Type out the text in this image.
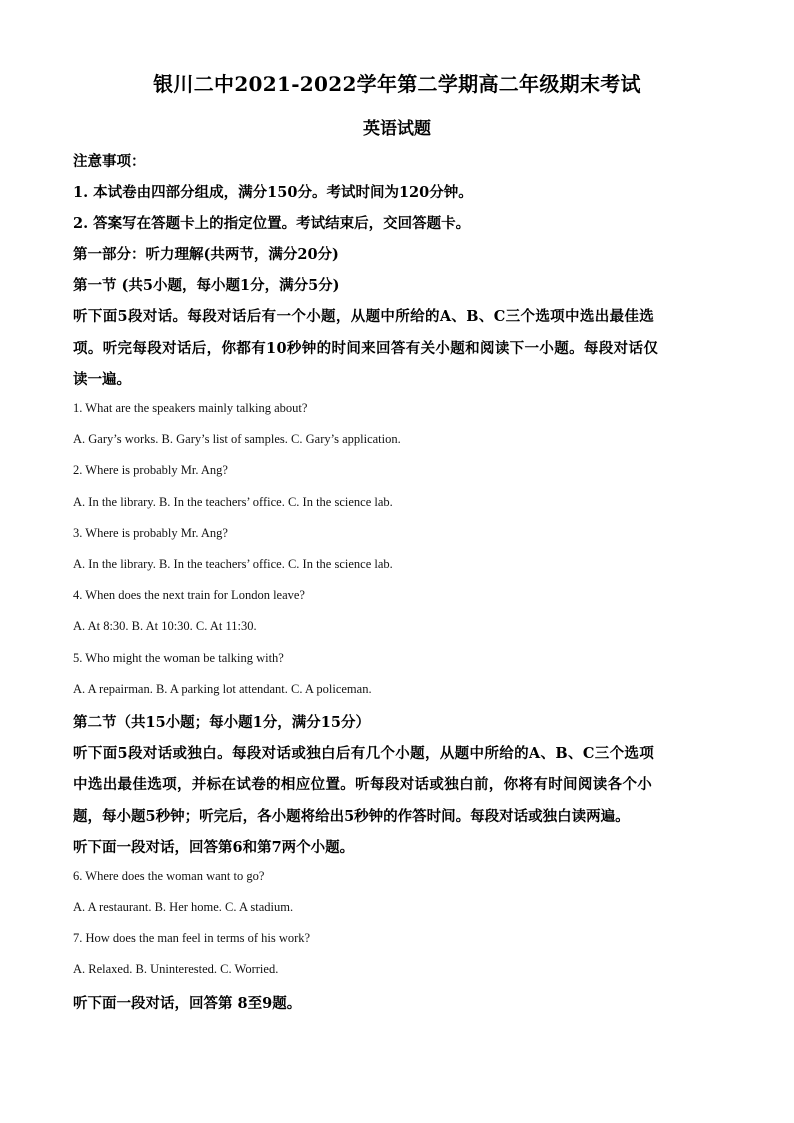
银川二中2021-2022学年第二学期高二年级期末考试
英语试题
注意事项：
1. 本试卷由四部分组成，满分150分。考试时间为120分钟。
2. 答案写在答题卡上的指定位置。考试结束后，交回答题卡。
第一部分：听力理解(共两节，满分20分)
第一节 (共5小题，每小题1分，满分5分)
听下面5段对话。每段对话后有一个小题，从题中所给的A、B、C三个选项中选出最佳选
项。听完每段对话后，你都有10秒钟的时间来回答有关小题和阅读下一小题。每段对话仅
读一遍。
1. What are the speakers mainly talking about?
A. Gary’s works. B. Gary’s list of samples. C. Gary’s application.
2. Where is probably Mr. Ang?
A. In the library. B. In the teachers’ office. C. In the science lab.
3. Where is probably Mr. Ang?
A. In the library. B. In the teachers’ office. C. In the science lab.
4. When does the next train for London leave?
A. At 8:30. B. At 10:30. C. At 11:30.
5. Who might the woman be talking with?
A. A repairman. B. A parking lot attendant. C. A policeman.
第二节（共15小题；每小题1分，满分15分）
听下面5段对话或独白。每段对话或独白后有几个小题，从题中所给的A、B、C三个选项
中选出最佳选项，并标在试卷的相应位置。听每段对话或独白前，你将有时间阅读各个小
题，每小题5秒钟；听完后，各小题将给出5秒钟的作答时间。每段对话或独白读两遍。
听下面一段对话，回答第6和第7两个小题。
6. Where does the woman want to go?
A. A restaurant. B. Her home. C. A stadium.
7. How does the man feel in terms of his work?
A. Relaxed. B. Uninterested. C. Worried.
听下面一段对话，回答第 8至9题。
